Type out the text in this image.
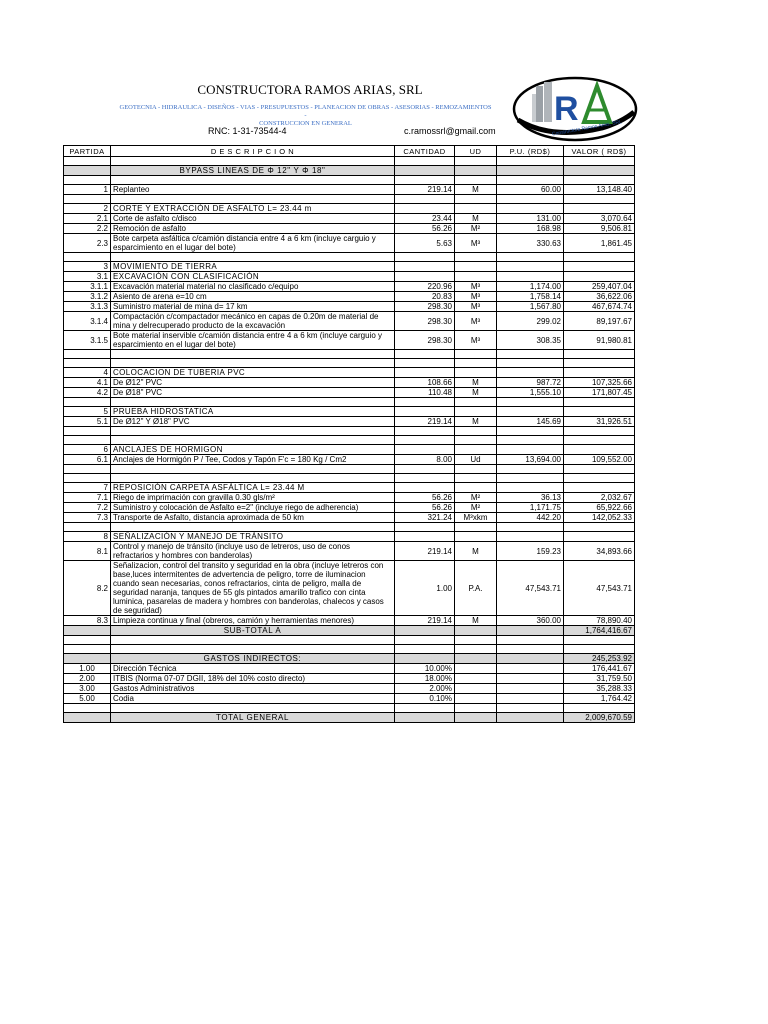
CONSTRUCTORA RAMOS ARIAS, SRL
GEOTECNIA - HIDRAULICA - DISEÑOS - VIAS - PRESUPUESTOS - PLANEACION DE OBRAS - ASESORIAS - REMOZAMIENTOS -
CONSTRUCCION EN GENERAL
RNC: 1-31-73544-4	c.ramossrl@gmail.com
R
Constructora Ramos Arias, SRL
PARTIDA	D E S C R I P C I O N	CANTIDAD	UD	P.U. (RD$)	VALOR ( RD$)

	BYPASS LINEAS DE Φ 12" Y Φ 18"				

1	Replanteo	219.14	M	60.00	13,148.40

2	CORTE Y EXTRACCIÓN DE ASFALTO L= 23.44 m				
2.1	Corte de asfalto c/disco	23.44	M	131.00	3,070.64
2.2	Remoción de asfalto	56.26	M²	168.98	9,506.81
2.3	Bote carpeta asfáltica c/camión distancia entre 4 a 6 km (incluye carguio y esparcimiento en el lugar del bote)	5.63	M³	330.63	1,861.45

3	MOVIMIENTO DE TIERRA				
3.1	EXCAVACIÓN CON CLASIFICACIÓN				
3.1.1	Excavación material material no clasificado c/equipo	220.96	M³	1,174.00	259,407.04
3.1.2	Asiento de arena e=10 cm	20.83	M³	1,758.14	36,622.06
3.1.3	Suministro material de mina d= 17 km	298.30	M³	1,567.80	467,674.74
3.1.4	Compactación c/compactador mecánico en capas de 0.20m de material de mina y delrecuperado producto de la excavación	298.30	M³	299.02	89,197.67
3.1.5	Bote material inservible c/camión distancia entre 4 a 6 km (incluye carguio y esparcimiento en el lugar del bote)	298.30	M³	308.35	91,980.81

4	COLOCACION DE TUBERIA PVC				
4.1	De Ø12" PVC	108.66	M	987.72	107,325.66
4.2	De Ø18" PVC	110.48	M	1,555.10	171,807.45

5	PRUEBA HIDROSTATICA				
5.1	De Ø12" Y Ø18" PVC	219.14	M	145.69	31,926.51

6	ANCLAJES DE HORMIGON				
6.1	Anclajes de Hormigón P / Tee, Codos y Tapón F'c = 180 Kg / Cm2	8.00	Ud	13,694.00	109,552.00

7	REPOSICIÓN CARPETA ASFÁLTICA L= 23.44 M				
7.1	Riego de imprimación con gravilla 0.30 gls/m²	56.26	M²	36.13	2,032.67
7.2	Suministro y colocación de Asfalto e=2" (incluye riego de adherencia)	56.26	M²	1,171.75	65,922.66
7.3	Transporte de Asfalto, distancia aproximada de 50 km	321.24	M³xkm	442.20	142,052.33

8	SEÑALIZACIÓN Y MANEJO DE TRÁNSITO				
8.1	Control y manejo de tránsito (incluye uso de letreros, uso de conos refractarios y hombres con banderolas)	219.14	M	159.23	34,893.66
8.2	Señalizacion, control del transito y seguridad en la obra (incluye letreros con base,luces intermitentes de advertencia de peligro, torre de iluminacion cuando sean necesarias, conos refractarios, cinta de peligro, malla de seguridad naranja, tanques de 55 gls pintados amarillo trafico con cinta luminica, pasarelas de madera y hombres con banderolas, chalecos y casos de seguridad)	1.00	P.A.	47,543.71	47,543.71
8.3	Limpieza continua y final (obreros, camión y herramientas menores)	219.14	M	360.00	78,890.40
	SUB-TOTAL A				1,764,416.67

	GASTOS INDIRECTOS:				245,253.92
1.00	Dirección Técnica	10.00%			176,441.67
2.00	ITBIS (Norma 07-07 DGII, 18% del 10% costo directo)	18.00%			31,759.50
3.00	Gastos Administrativos	2.00%			35,288.33
5.00	Codia	0.10%			1,764.42

	TOTAL GENERAL				2,009,670.59
